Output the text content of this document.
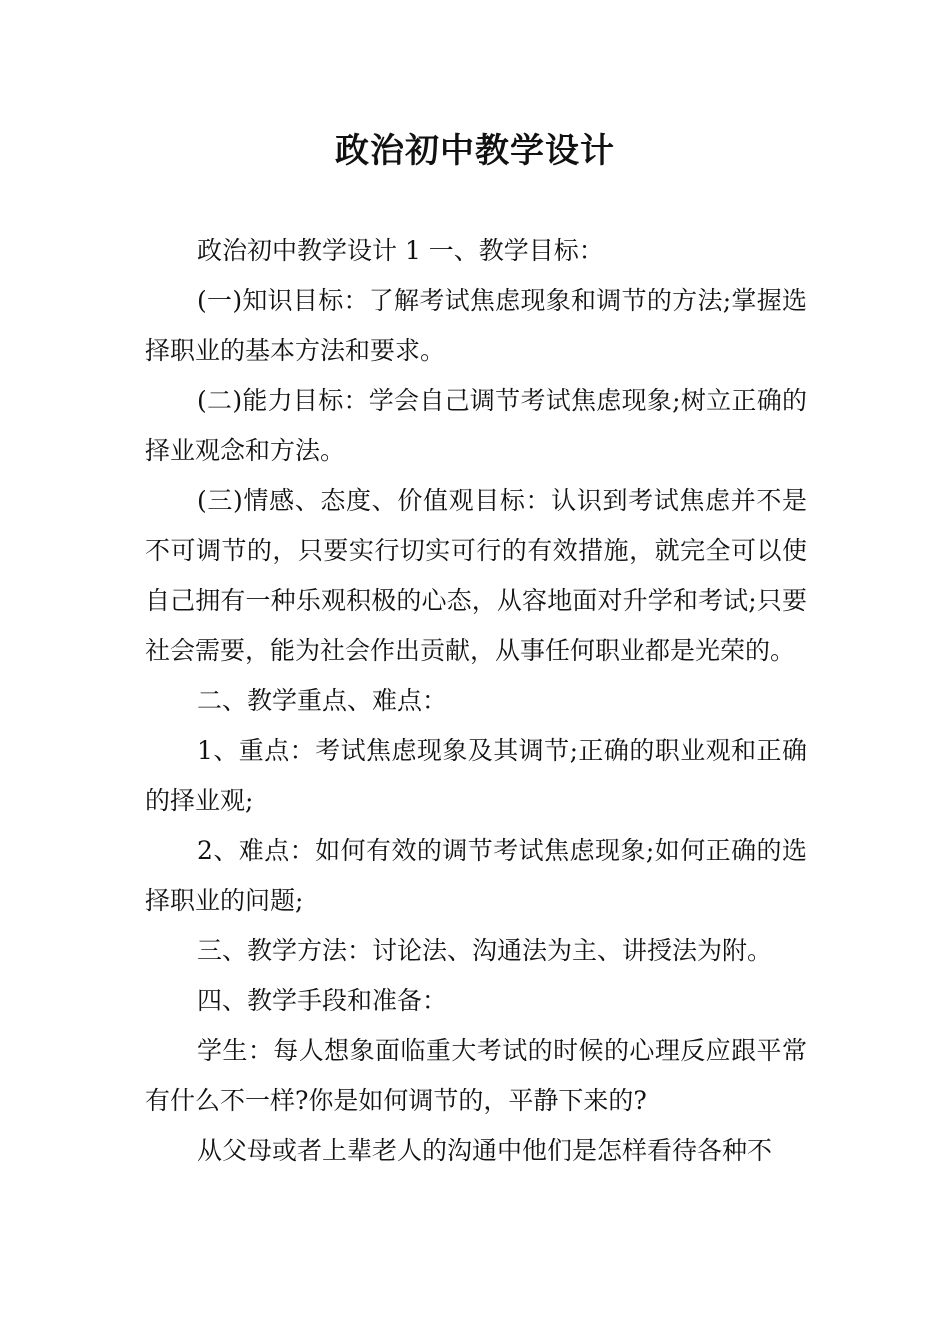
政治初中教学设计

政治初中教学设计 1 一、教学目标：

(一)知识目标：了解考试焦虑现象和调节的方法;掌握选择职业的基本方法和要求。

(二)能力目标：学会自己调节考试焦虑现象;树立正确的择业观念和方法。

(三)情感、态度、价值观目标：认识到考试焦虑并不是不可调节的，只要实行切实可行的有效措施，就完全可以使自己拥有一种乐观积极的心态，从容地面对升学和考试;只要社会需要，能为社会作出贡献，从事任何职业都是光荣的。

二、教学重点、难点：

1、重点：考试焦虑现象及其调节;正确的职业观和正确的择业观;

2、难点：如何有效的调节考试焦虑现象;如何正确的选择职业的问题;

三、教学方法：讨论法、沟通法为主、讲授法为附。

四、教学手段和准备：

学生：每人想象面临重大考试的时候的心理反应跟平常有什么不一样?你是如何调节的，平静下来的?

从父母或者上辈老人的沟通中他们是怎样看待各种不
